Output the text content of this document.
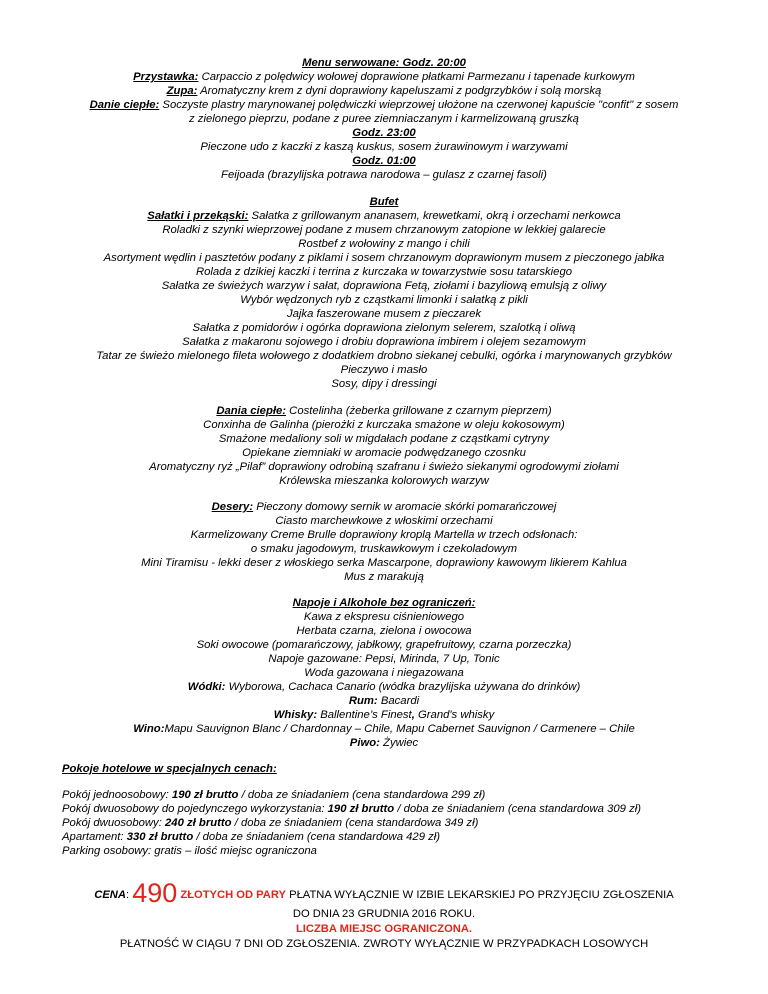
Menu serwowane: Godz. 20:00
Przystawka: Carpaccio z polędwicy wołowej doprawione płatkami Parmezanu i tapenade kurkowym
Zupa: Aromatyczny krem z dyni doprawiony kapeluszami z podgrzybków i solą morską
Danie ciepłe: Soczyste plastry marynowanej polędwiczki wieprzowej ułożone na czerwonej kapuście "confit" z sosem
z zielonego pieprzu, podane z puree ziemniaczanym i karmelizowaną gruszką
Godz. 23:00
Pieczone udo z kaczki z kaszą kuskus, sosem żurawinowym i warzywami
Godz. 01:00
Feijoada (brazylijska potrawa narodowa – gulasz z czarnej fasoli)
Bufet
Sałatki i przekąski: Sałatka z grillowanym ananasem, krewetkami, okrą i orzechami nerkowca
Roladki z szynki wieprzowej podane z musem chrzanowym zatopione w lekkiej galarecie
Rostbef z wołowiny z mango i chili
Asortyment wędlin i pasztetów podany z piklami i sosem chrzanowym doprawionym musem z pieczonego jabłka
Rolada z dzikiej kaczki i terrina z kurczaka w towarzystwie sosu tatarskiego
Sałatka ze świeżych warzyw i sałat, doprawiona Fetą, ziołami i bazyliową emulsją z oliwy
Wybór wędzonych ryb z cząstkami limonki i sałatką z pikli
Jajka faszerowane musem z pieczarek
Sałatka z pomidorów i ogórka doprawiona zielonym selerem, szalotką i oliwą
Sałatka z makaronu sojowego i drobiu doprawiona imbirem i olejem sezamowym
Tatar ze świeżo mielonego fileta wołowego z dodatkiem drobno siekanej cebulki, ogórka i marynowanych grzybków
Pieczywo i masło
Sosy, dipy i dressingi
Dania ciepłe: Costelinha (żeberka grillowane z czarnym pieprzem)
Conxinha de Galinha (pierożki z kurczaka smażone w oleju kokosowym)
Smażone medaliony soli w migdałach podane z cząstkami cytryny
Opiekane ziemniaki w aromacie podwędzanego czosnku
Aromatyczny ryż „Pilaf” doprawiony odrobiną szafranu i świeżo siekanymi ogrodowymi ziołami
Królewska mieszanka kolorowych warzyw
Desery: Pieczony domowy sernik w aromacie skórki pomarańczowej
Ciasto marchewkowe z włoskimi orzechami
Karmelizowany Creme Brulle doprawiony kroplą Martella w trzech odsłonach:
o smaku jagodowym, truskawkowym i czekoladowym
Mini Tiramisu - lekki deser z włoskiego serka Mascarpone, doprawiony kawowym likierem Kahlua
Mus z marakują
Napoje i Alkohole bez ograniczeń:
Kawa z ekspresu ciśnieniowego
Herbata czarna, zielona i owocowa
Soki owocowe (pomarańczowy, jabłkowy, grapefruitowy, czarna porzeczka)
Napoje gazowane: Pepsi, Mirinda, 7 Up, Tonic
Woda gazowana i niegazowana
Wódki: Wyborowa, Cachaca Canario (wódka brazylijska używana do drinków)
Rum: Bacardi
Whisky: Ballentine’s Finest, Grand's whisky
Wino:Mapu Sauvignon Blanc / Chardonnay – Chile, Mapu Cabernet Sauvignon / Carmenere – Chile
Piwo: Żywiec
Pokoje hotelowe w specjalnych cenach:
Pokój jednoosobowy: 190 zł brutto / doba ze śniadaniem (cena standardowa 299 zł)
Pokój dwuosobowy do pojedynczego wykorzystania: 190 zł brutto / doba ze śniadaniem (cena standardowa 309 zł)
Pokój dwuosobowy: 240 zł brutto / doba ze śniadaniem (cena standardowa 349 zł)
Apartament: 330 zł brutto / doba ze śniadaniem (cena standardowa 429 zł)
Parking osobowy: gratis – ilość miejsc ograniczona
CENA: 490 ZŁOTYCH OD PARY PŁATNA WYŁĄCZNIE W IZBIE LEKARSKIEJ PO PRZYJĘCIU ZGŁOSZENIA
DO DNIA 23 GRUDNIA 2016 ROKU.
LICZBA MIEJSC OGRANICZONA.
PŁATNOŚĆ W CIĄGU 7 DNI OD ZGŁOSZENIA. ZWROTY WYŁĄCZNIE W PRZYPADKACH LOSOWYCH
